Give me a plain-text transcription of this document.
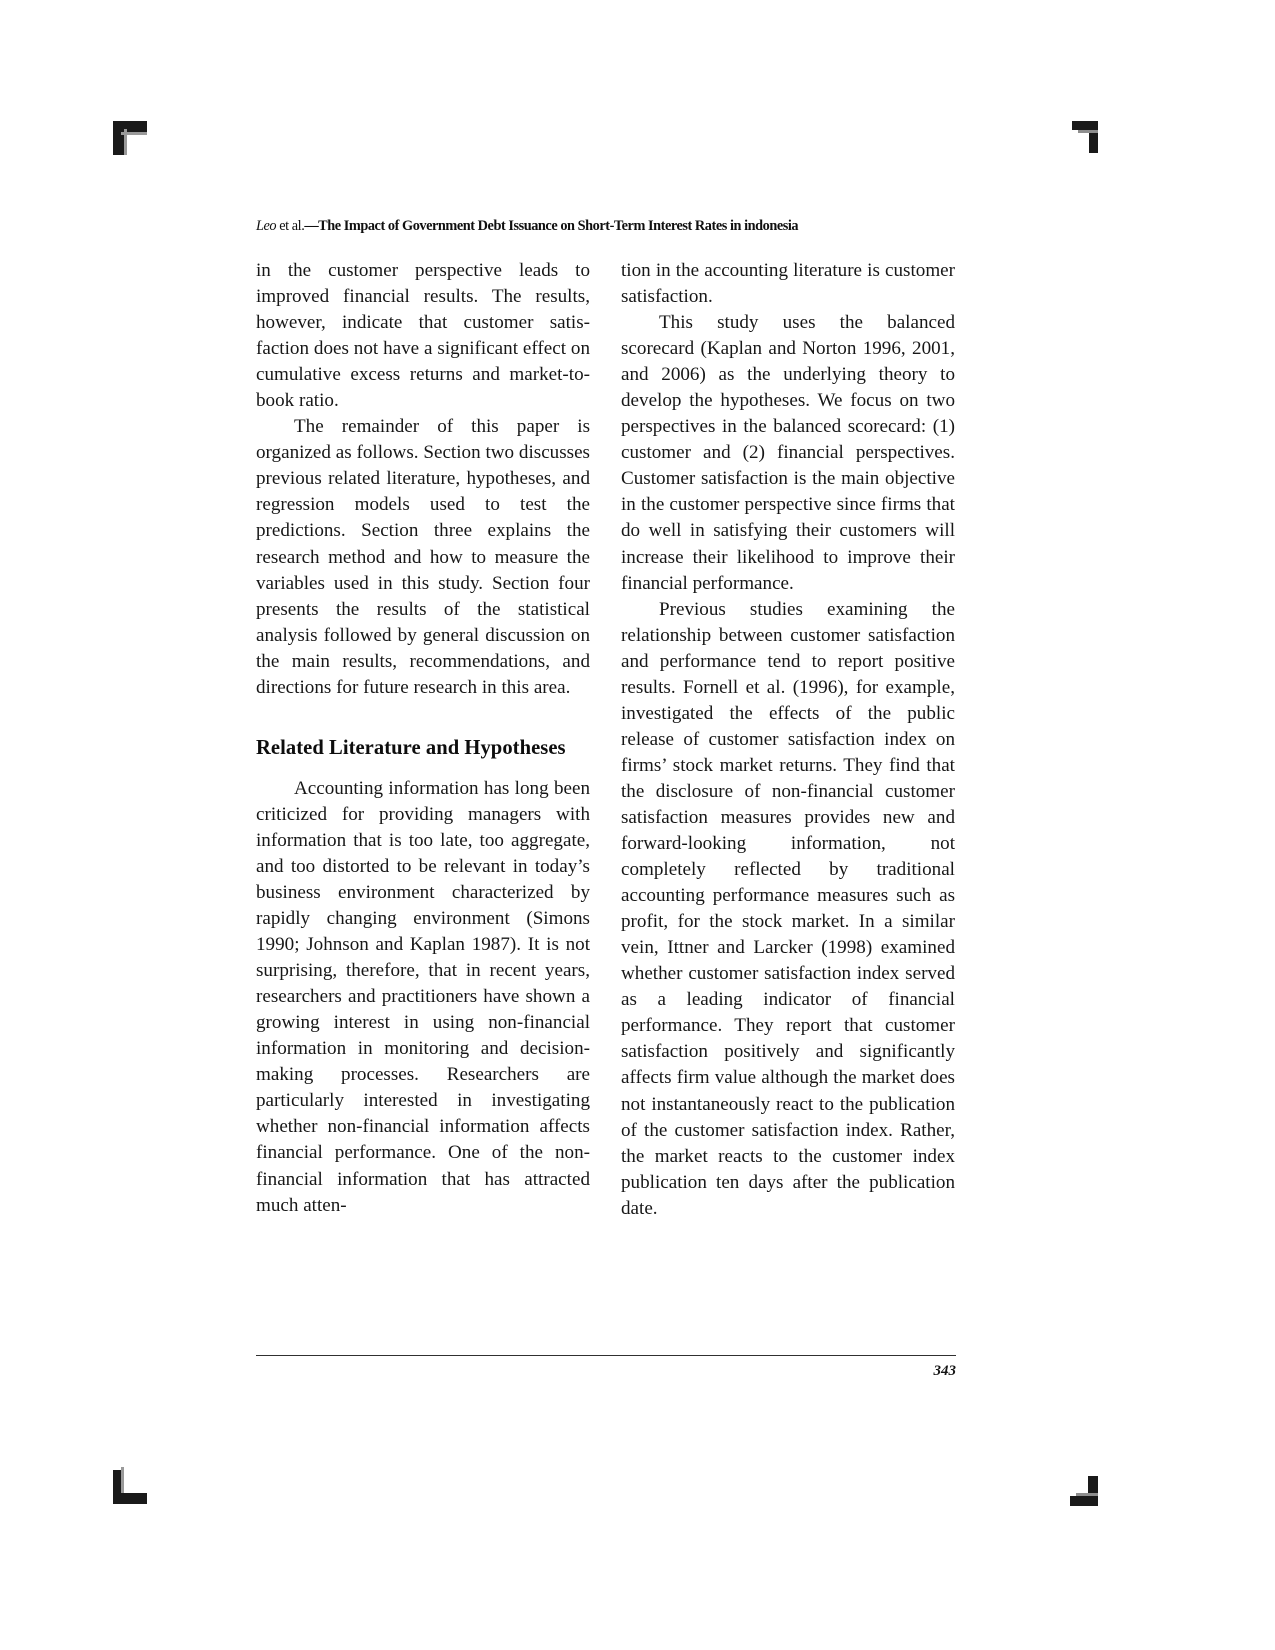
Leo et al.—The Impact of Government Debt Issuance on Short-Term Interest Rates in indonesia

in the customer perspective leads to improved financial results. The results, however, indicate that customer satisfaction does not have a significant effect on cumulative excess returns and market-to-book ratio.

The remainder of this paper is organized as follows. Section two discusses previous related literature, hypotheses, and regression models used to test the predictions. Section three explains the research method and how to measure the variables used in this study. Section four presents the results of the statistical analysis followed by general discussion on the main results, recommendations, and directions for future research in this area.

Related Literature and Hypotheses

Accounting information has long been criticized for providing managers with information that is too late, too aggregate, and too distorted to be relevant in today’s business environment characterized by rapidly changing environment (Simons 1990; Johnson and Kaplan 1987). It is not surprising, therefore, that in recent years, researchers and practitioners have shown a growing interest in using non-financial information in monitoring and decision-making processes. Researchers are particularly interested in investigating whether non-financial information affects financial performance. One of the non-financial information that has attracted much atten-

tion in the accounting literature is customer satisfaction.

This study uses the balanced scorecard (Kaplan and Norton 1996, 2001, and 2006) as the underlying theory to develop the hypotheses. We focus on two perspectives in the balanced scorecard: (1) customer and (2) financial perspectives. Customer satisfaction is the main objective in the customer perspective since firms that do well in satisfying their customers will increase their likelihood to improve their financial performance.

Previous studies examining the relationship between customer satisfaction and performance tend to report positive results. Fornell et al. (1996), for example, investigated the effects of the public release of customer satisfaction index on firms’ stock market returns. They find that the disclosure of non-financial customer satisfaction measures provides new and forward-looking information, not completely reflected by traditional accounting performance measures such as profit, for the stock market. In a similar vein, Ittner and Larcker (1998) examined whether customer satisfaction index served as a leading indicator of financial performance. They report that customer satisfaction positively and significantly affects firm value although the market does not instantaneously react to the publication of the customer satisfaction index. Rather, the market reacts to the customer index publication ten days after the publication date.

343
